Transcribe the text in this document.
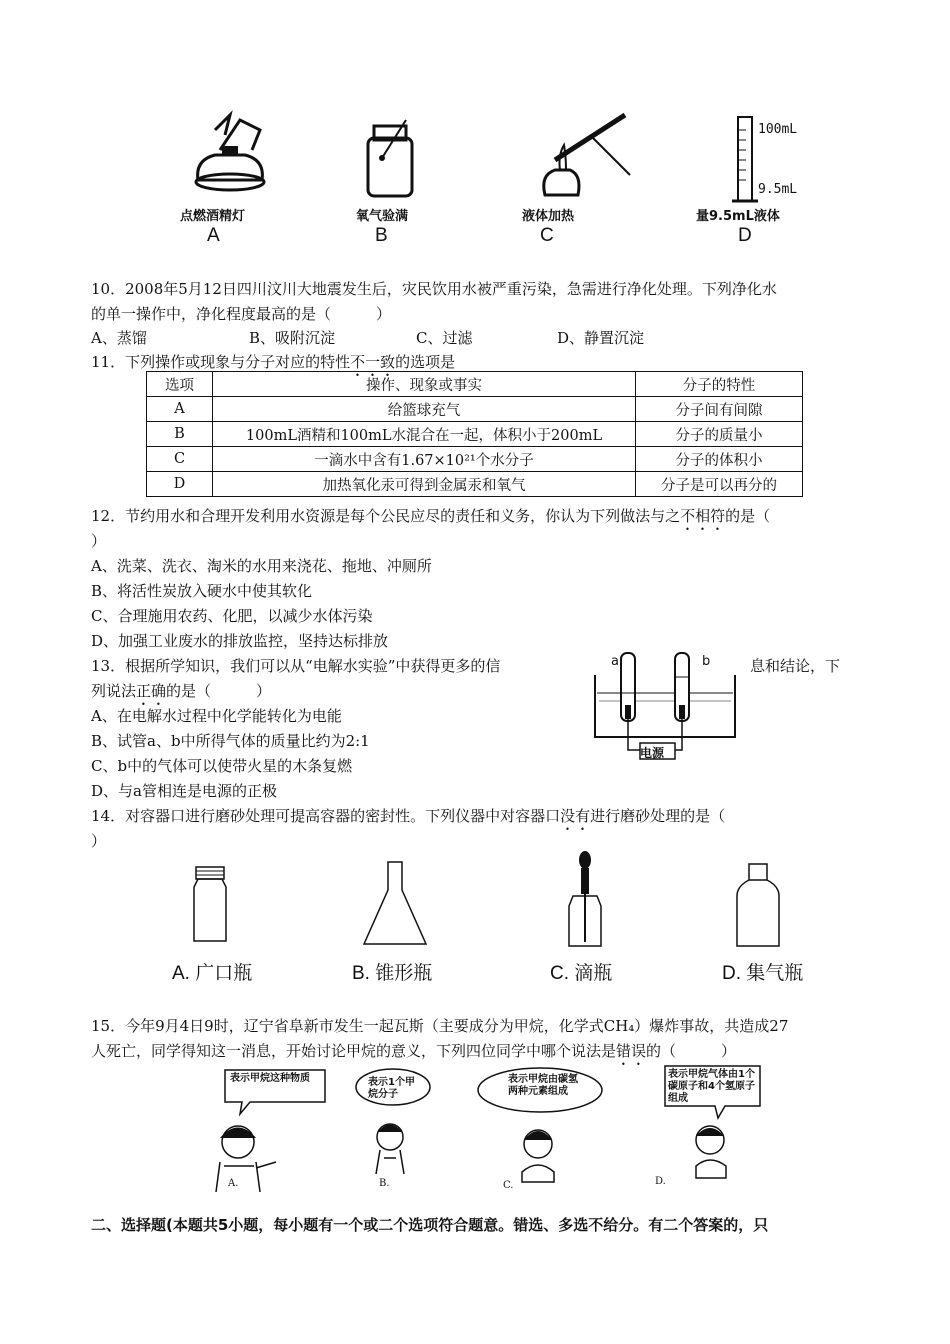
点燃酒精灯
A
氧气验满
B
液体加热
C
100mL
9.5mL
量9.5mL液体
D
10．2008年5月12日四川汶川大地震发生后，灾民饮用水被严重污染，急需进行净化处理。下列净化水
的单一操作中，净化程度最高的是（　　　）
A、蒸馏	B、吸附沉淀	C、过滤	D、静置沉淀
11．下列操作或现象与分子对应的特性不一致的选项是
选项	操作、现象或事实	分子的特性
A	给篮球充气	分子间有间隙
B	100mL酒精和100mL水混合在一起，体积小于200mL	分子的质量小
C	一滴水中含有1.67×10²¹个水分子	分子的体积小
D	加热氧化汞可得到金属汞和氧气	分子是可以再分的
12．节约用水和合理开发利用水资源是每个公民应尽的责任和义务，你认为下列做法与之不相符的是（
）
A、洗菜、洗衣、淘米的水用来浇花、拖地、冲厕所
B、将活性炭放入硬水中使其软化
C、合理施用农药、化肥，以减少水体污染
D、加强工业废水的排放监控，坚持达标排放
13．根据所学知识，我们可以从“电解水实验”中获得更多的信	息和结论，下
列说法正确的是（　　　）
A、在电解水过程中化学能转化为电能
B、试管a、b中所得气体的质量比约为2:1
C、b中的气体可以使带火星的木条复燃
D、与a管相连是电源的正极
a	b
电源
14．对容器口进行磨砂处理可提高容器的密封性。下列仪器中对容器口没有进行磨砂处理的是（
）
A. 广口瓶	B. 锥形瓶	C. 滴瓶	D. 集气瓶
15．今年9月4日9时，辽宁省阜新市发生一起瓦斯（主要成分为甲烷，化学式CH₄）爆炸事故，共造成27
人死亡，同学得知这一消息，开始讨论甲烷的意义，下列四位同学中哪个说法是错误的（　　　）
表示甲烷这种物质	表示1个甲烷分子
表示甲烷由碳氢两种元素组成
表示甲烷气体由1个碳原子和4个氢原子组成
A.	B.	C.	D.
二、选择题(本题共5小题，每小题有一个或二个选项符合题意。错选、多选不给分。有二个答案的，只
